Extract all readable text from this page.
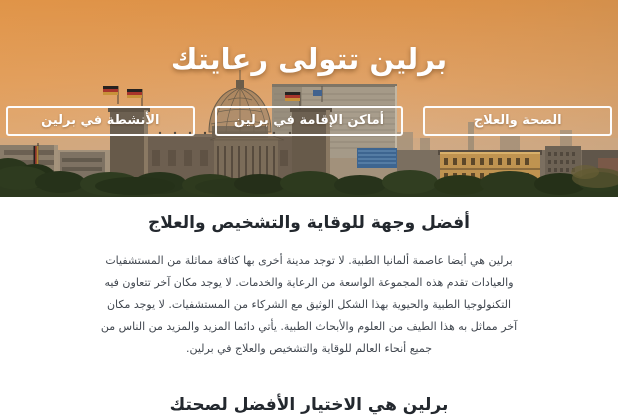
برلين تتولى رعايتك
الصحة والعلاج
أماكن الإقامة في برلين
الأنشطة في برلين
أفضل وجهة للوقاية والتشخيص والعلاج

برلين هي أيضا عاصمة ألمانيا الطبية. لا توجد مدينة أخرى بها كثافة مماثلة من المستشفيات والعيادات تقدم هذه المجموعة الواسعة من الرعاية والخدمات. لا يوجد مكان آخر تتعاون فيه التكنولوجيا الطبية والحيوية بهذا الشكل الوثيق مع الشركاء من المستشفيات. لا يوجد مكان آخر مماثل به هذا الطيف من العلوم والأبحاث الطبية. يأتي دائما المزيد والمزيد من الناس من جميع أنحاء العالم للوقاية والتشخيص والعلاج في برلين.

برلين هي الاختيار الأفضل لصحتك
